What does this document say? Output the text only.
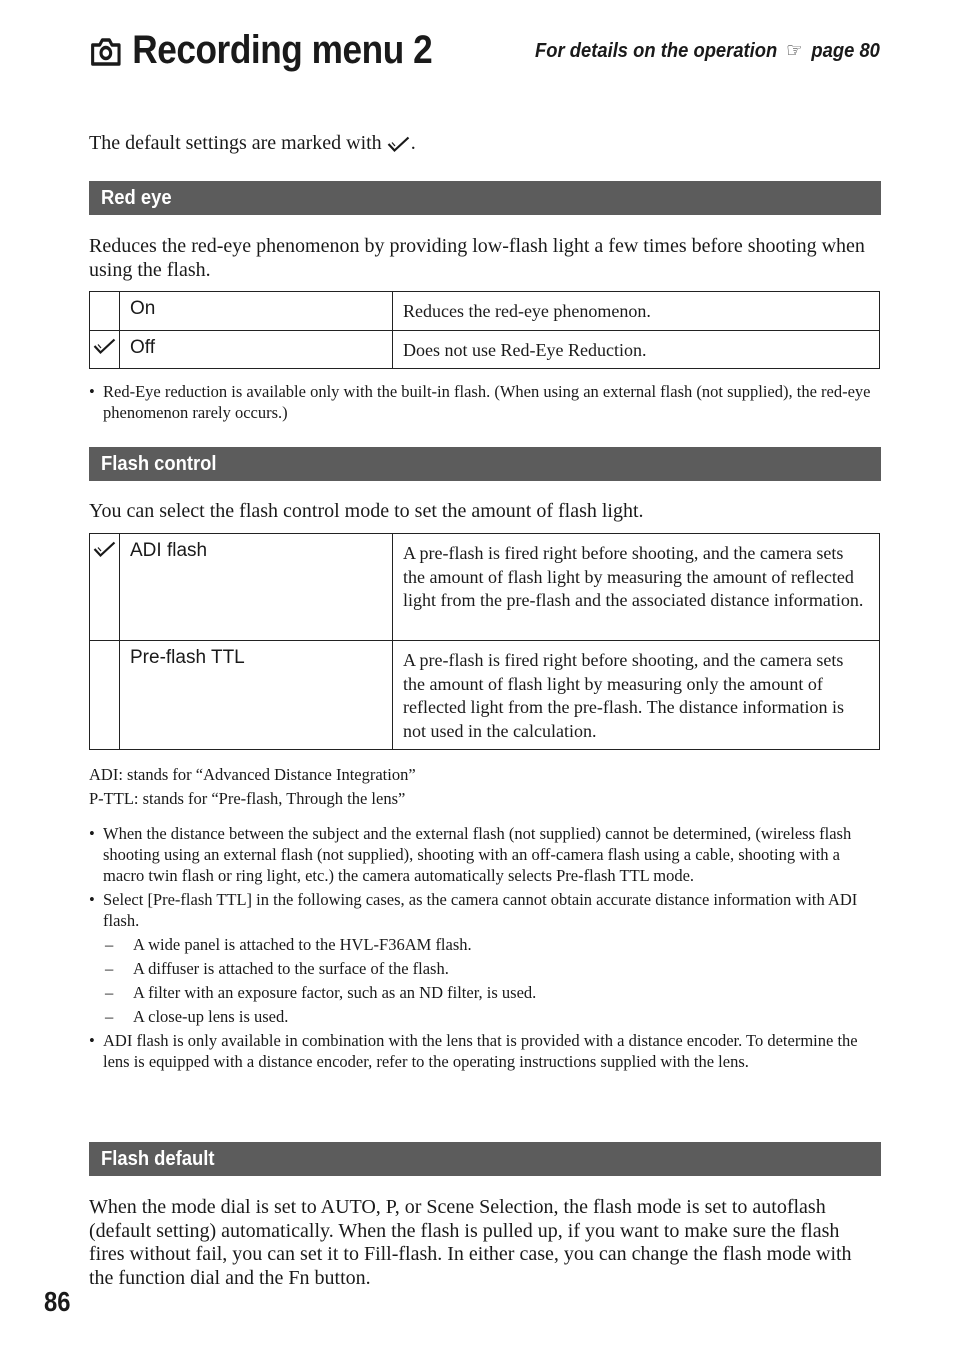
Recording menu 2	For details on the operation ☞ page 80
The default settings are marked with .
Red eye
Reduces the red-eye phenomenon by providing low-flash light a few times before shooting when using the flash.
	On	Reduces the red-eye phenomenon.
	Off	Does not use Red-Eye Reduction.
• Red-Eye reduction is available only with the built-in flash. (When using an external flash (not supplied), the red-eye phenomenon rarely occurs.)
Flash control
You can select the flash control mode to set the amount of flash light.
	ADI flash	A pre-flash is fired right before shooting, and the camera sets the amount of flash light by measuring the amount of reflected light from the pre-flash and the associated distance information.
	Pre-flash TTL	A pre-flash is fired right before shooting, and the camera sets the amount of flash light by measuring only the amount of reflected light from the pre-flash. The distance information is not used in the calculation.
ADI: stands for “Advanced Distance Integration”
P-TTL: stands for “Pre-flash, Through the lens”
• When the distance between the subject and the external flash (not supplied) cannot be determined, (wireless flash shooting using an external flash (not supplied), shooting with an off-camera flash using a cable, shooting with a macro twin flash or ring light, etc.) the camera automatically selects Pre-flash TTL mode.
• Select [Pre-flash TTL] in the following cases, as the camera cannot obtain accurate distance information with ADI flash.
–	A wide panel is attached to the HVL-F36AM flash.
–	A diffuser is attached to the surface of the flash.
–	A filter with an exposure factor, such as an ND filter, is used.
–	A close-up lens is used.
• ADI flash is only available in combination with the lens that is provided with a distance encoder. To determine the lens is equipped with a distance encoder, refer to the operating instructions supplied with the lens.
Flash default
When the mode dial is set to AUTO, P, or Scene Selection, the flash mode is set to autoflash (default setting) automatically. When the flash is pulled up, if you want to make sure the flash fires without fail, you can set it to Fill-flash. In either case, you can change the flash mode with the function dial and the Fn button.
86
